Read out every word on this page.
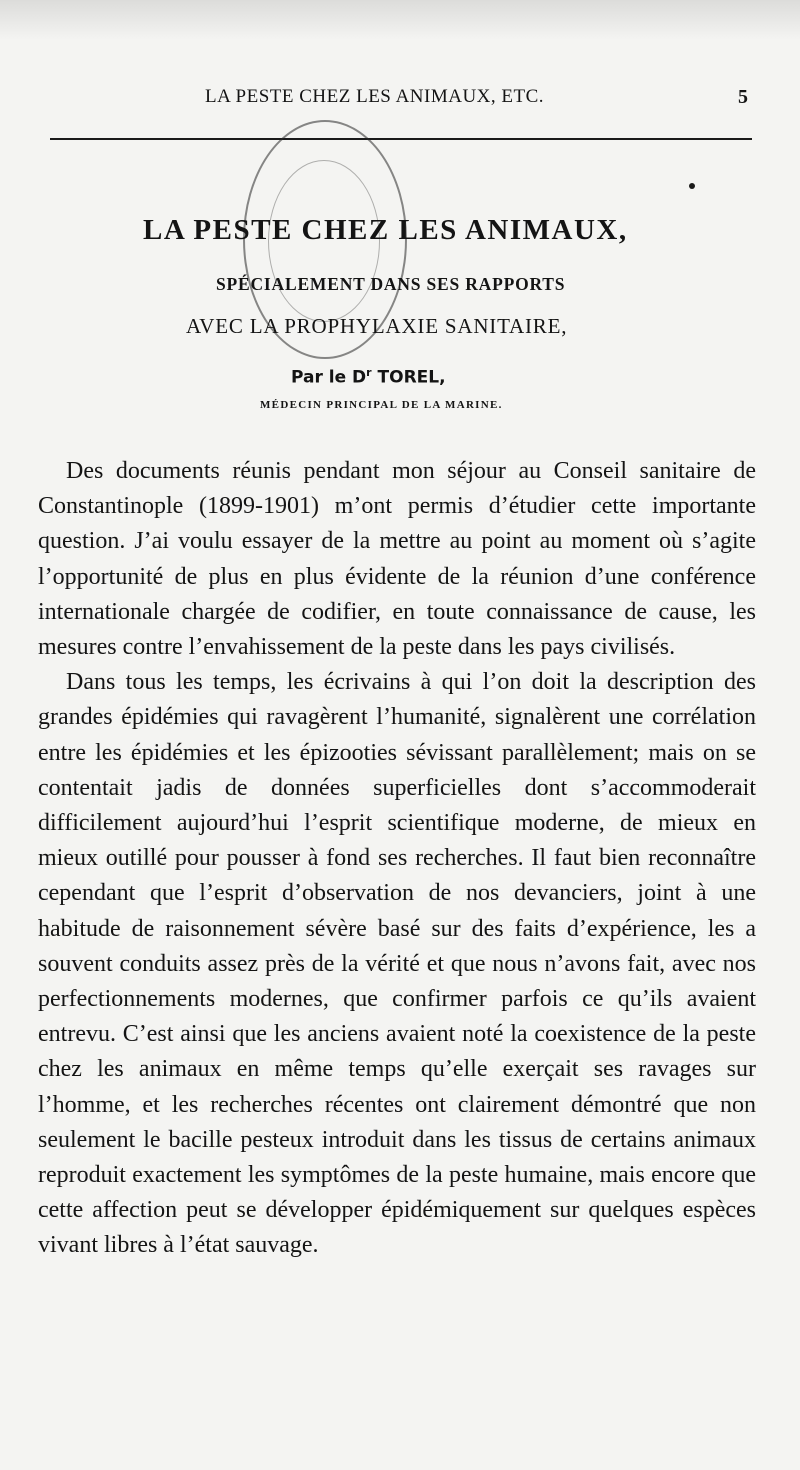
LA PESTE CHEZ LES ANIMAUX, ETC.	5
LA PESTE CHEZ LES ANIMAUX,
SPÉCIALEMENT DANS SES RAPPORTS
AVEC LA PROPHYLAXIE SANITAIRE,
Par le $D^r$ TOREL,
MÉDECIN PRINCIPAL DE LA MARINE.

Des documents réunis pendant mon séjour au Conseil sanitaire de Constantinople (1899-1901) m’ont permis d’étudier cette importante question. J’ai voulu essayer de la mettre au point au moment où s’agite l’opportunité de plus en plus évidente de la réunion d’une conférence internationale chargée de codifier, en toute connaissance de cause, les mesures contre l’envahissement de la peste dans les pays civilisés.

Dans tous les temps, les écrivains à qui l’on doit la description des grandes épidémies qui ravagèrent l’humanité, signalèrent une corrélation entre les épidémies et les épizooties sévissant parallèlement; mais on se contentait jadis de données superficielles dont s’accommoderait difficilement aujourd’hui l’esprit scientifique moderne, de mieux en mieux outillé pour pousser à fond ses recherches. Il faut bien reconnaître cependant que l’esprit d’observation de nos devanciers, joint à une habitude de raisonnement sévère basé sur des faits d’expérience, les a souvent conduits assez près de la vérité et que nous n’avons fait, avec nos perfectionnements modernes, que confirmer parfois ce qu’ils avaient entrevu. C’est ainsi que les anciens avaient noté la coexistence de la peste chez les animaux en même temps qu’elle exerçait ses ravages sur l’homme, et les recherches récentes ont clairement démontré que non seulement le bacille pesteux introduit dans les tissus de certains animaux reproduit exactement les symptômes de la peste humaine, mais encore que cette affection peut se développer épidémiquement sur quelques espèces vivant libres à l’état sauvage.
